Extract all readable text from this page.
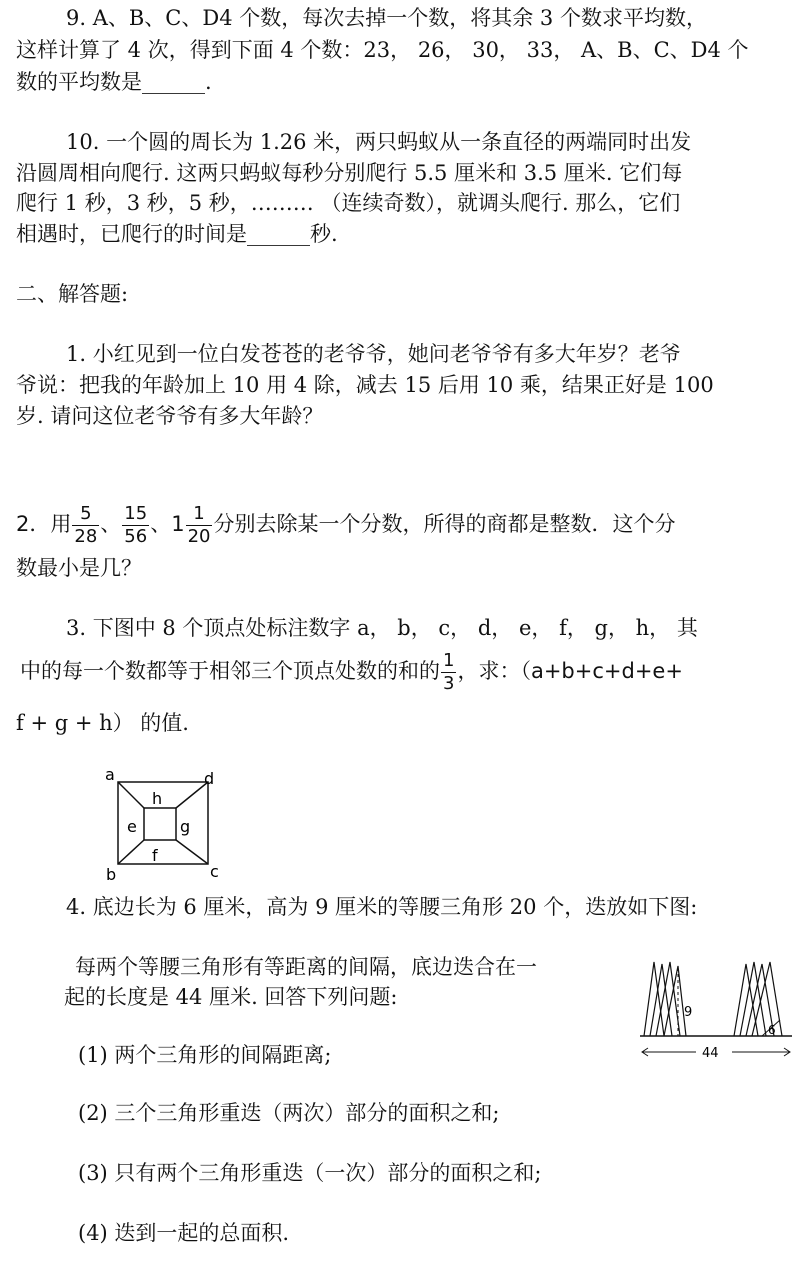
9. A、B、C、D4 个数，每次去掉一个数，将其余 3 个数求平均数，
这样计算了 4 次，得到下面 4 个数：23， 26， 30， 33， A、B、C、D4 个
数的平均数是______.
10. 一个圆的周长为 1.26 米，两只蚂蚁从一条直径的两端同时出发
沿圆周相向爬行. 这两只蚂蚁每秒分别爬行 5.5 厘米和 3.5 厘米. 它们每
爬行 1 秒，3 秒，5 秒，……… （连续奇数），就调头爬行. 那么，它们
相遇时，已爬行的时间是______秒.
二、解答题:
1. 小红见到一位白发苍苍的老爷爷，她问老爷爷有多大年岁？老爷
爷说：把我的年龄加上 10 用 4 除，减去 15 后用 10 乘，结果正好是 100
岁. 请问这位老爷爷有多大年龄？
2．用 $\frac{5}{28}$ 、 $\frac{15}{56}$ 、$1 \frac{1}{20}$ 分别去除某一个分数，所得的商都是整数．这个分
数最小是几？
3. 下图中 8 个顶点处标注数字 a， b， c， d， e， f， g， h， 其
中的每一个数都等于相邻三个顶点处数的和的 $\frac{1}{3}$ ，求：（a+b+c+d+e+
f + g + h） 的值.
a	d
b	c
h
e	g
f
4. 底边长为 6 厘米，高为 9 厘米的等腰三角形 20 个，迭放如下图:
每两个等腰三角形有等距离的间隔，底边迭合在一
起的长度是 44 厘米. 回答下列问题:
(1) 两个三角形的间隔距离;
(2) 三个三角形重迭（两次）部分的面积之和;
(3) 只有两个三角形重迭（一次）部分的面积之和;
(4) 迭到一起的总面积.
9
6
44
